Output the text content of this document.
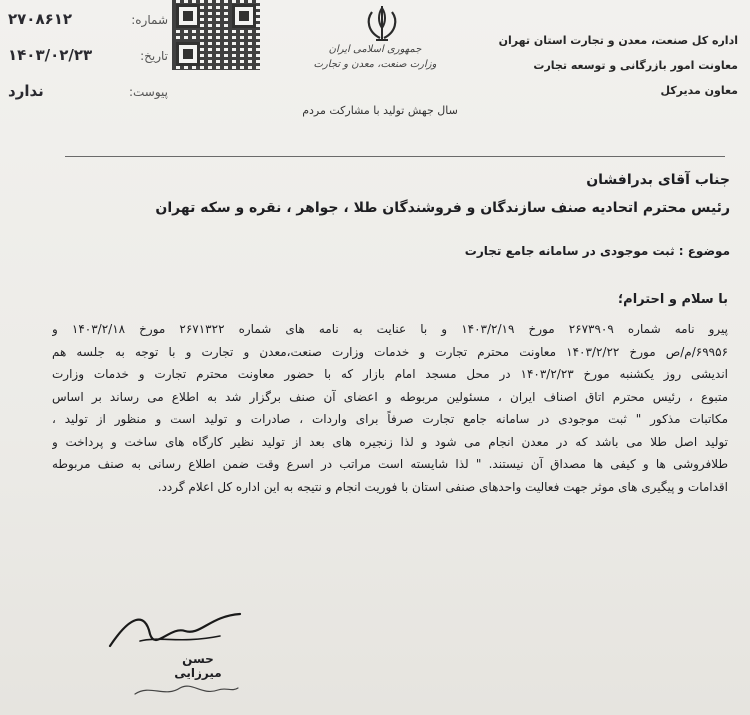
شماره:
۲۷۰۸۶۱۲
تاریخ:
۱۴۰۳/۰۲/۲۳
پیوست:
ندارد
جمهوری اسلامی ایران
وزارت صنعت، معدن و تجارت
سال جهش تولید با مشارکت مردم
اداره کل صنعت، معدن و تجارت استان تهران
معاونت امور بازرگانی و توسعه تجارت
معاون مدیرکل
جناب آقای بدرافشان
رئیس محترم اتحادیه صنف سازندگان و فروشندگان طلا ، جواهر ، نقره و سکه تهران
موضوع : ثبت موجودی در سامانه جامع تجارت
با سلام و احترام؛
پیرو نامه شماره ۲۶۷۳۹۰۹ مورخ ۱۴۰۳/۲/۱۹ و با عنایت به نامه های شماره ۲۶۷۱۳۲۲ مورخ ۱۴۰۳/۲/۱۸ و
۶۹۹۵۶/م/ص مورخ ۱۴۰۳/۲/۲۲ معاونت محترم تجارت و خدمات وزارت صنعت،معدن و تجارت و با توجه به جلسه هم
اندیشی روز یکشنبه مورخ ۱۴۰۳/۲/۲۳ در محل مسجد امام بازار که با حضور معاونت محترم تجارت و خدمات وزارت
متبوع ، رئیس محترم اتاق اصناف ایران ، مسئولین مربوطه و اعضای آن صنف برگزار شد به اطلاع می رساند بر اساس
مکاتبات مذکور " ثبت موجودی در سامانه جامع تجارت صرفاً برای واردات ، صادرات و تولید است و منظور از تولید ،
تولید اصل طلا می باشد که در معدن انجام می شود و لذا زنجیره های بعد از تولید نظیر کارگاه های ساخت و پرداخت و
طلافروشی ها و کیفی ها مصداق آن نیستند. " لذا شایسته است مراتب در اسرع وقت ضمن اطلاع رسانی به صنف مربوطه
اقدامات و پیگیری های موثر جهت فعالیت واحدهای صنفی استان با فوریت انجام و نتیجه به این اداره کل اعلام گردد.
حسن میرزایی
